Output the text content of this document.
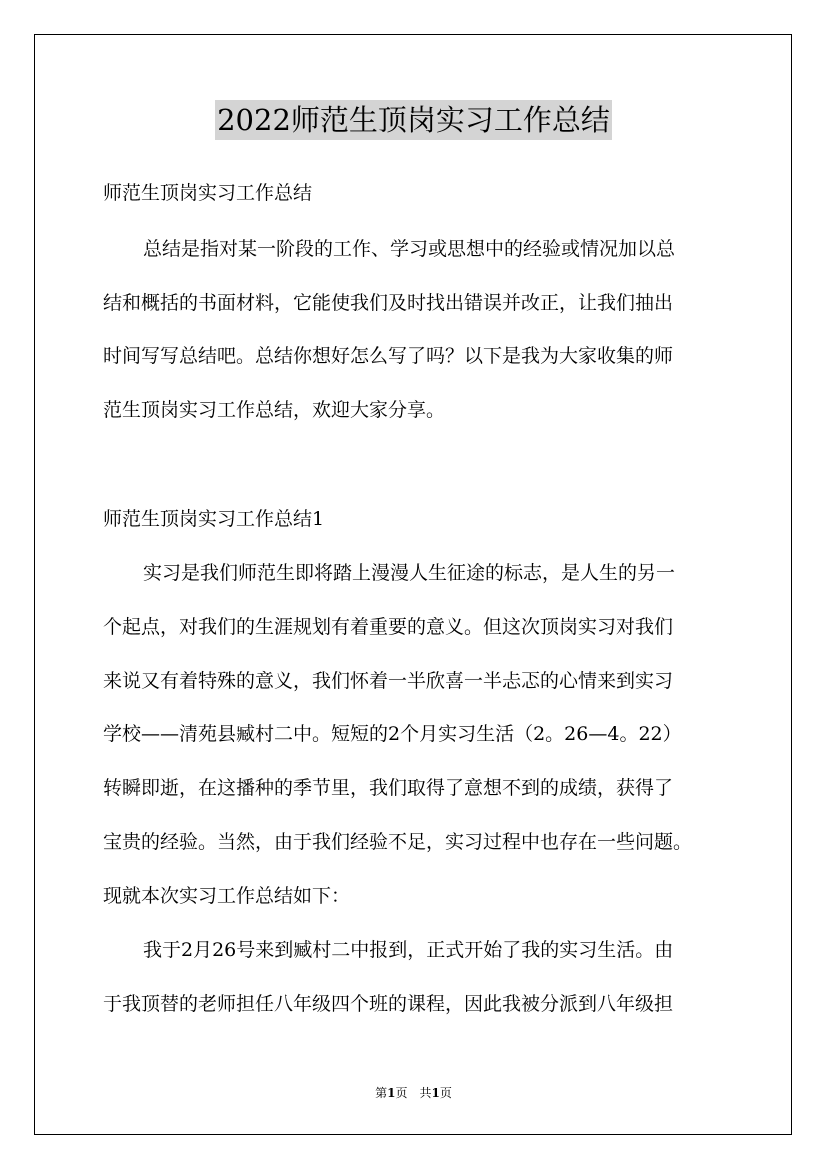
2022师范生顶岗实习工作总结
师范生顶岗实习工作总结
总结是指对某一阶段的工作、学习或思想中的经验或情况加以总
结和概括的书面材料，它能使我们及时找出错误并改正，让我们抽出
时间写写总结吧。总结你想好怎么写了吗？以下是我为大家收集的师
范生顶岗实习工作总结，欢迎大家分享。
师范生顶岗实习工作总结1
实习是我们师范生即将踏上漫漫人生征途的标志，是人生的另一
个起点，对我们的生涯规划有着重要的意义。但这次顶岗实习对我们
来说又有着特殊的意义，我们怀着一半欣喜一半忐忑的心情来到实习
学校——清苑县臧村二中。短短的2个月实习生活（2。26—4。22）
转瞬即逝，在这播种的季节里，我们取得了意想不到的成绩，获得了
宝贵的经验。当然，由于我们经验不足，实习过程中也存在一些问题。
现就本次实习工作总结如下：
我于2月26号来到臧村二中报到，正式开始了我的实习生活。由
于我顶替的老师担任八年级四个班的课程，因此我被分派到八年级担
第1页　共1页
